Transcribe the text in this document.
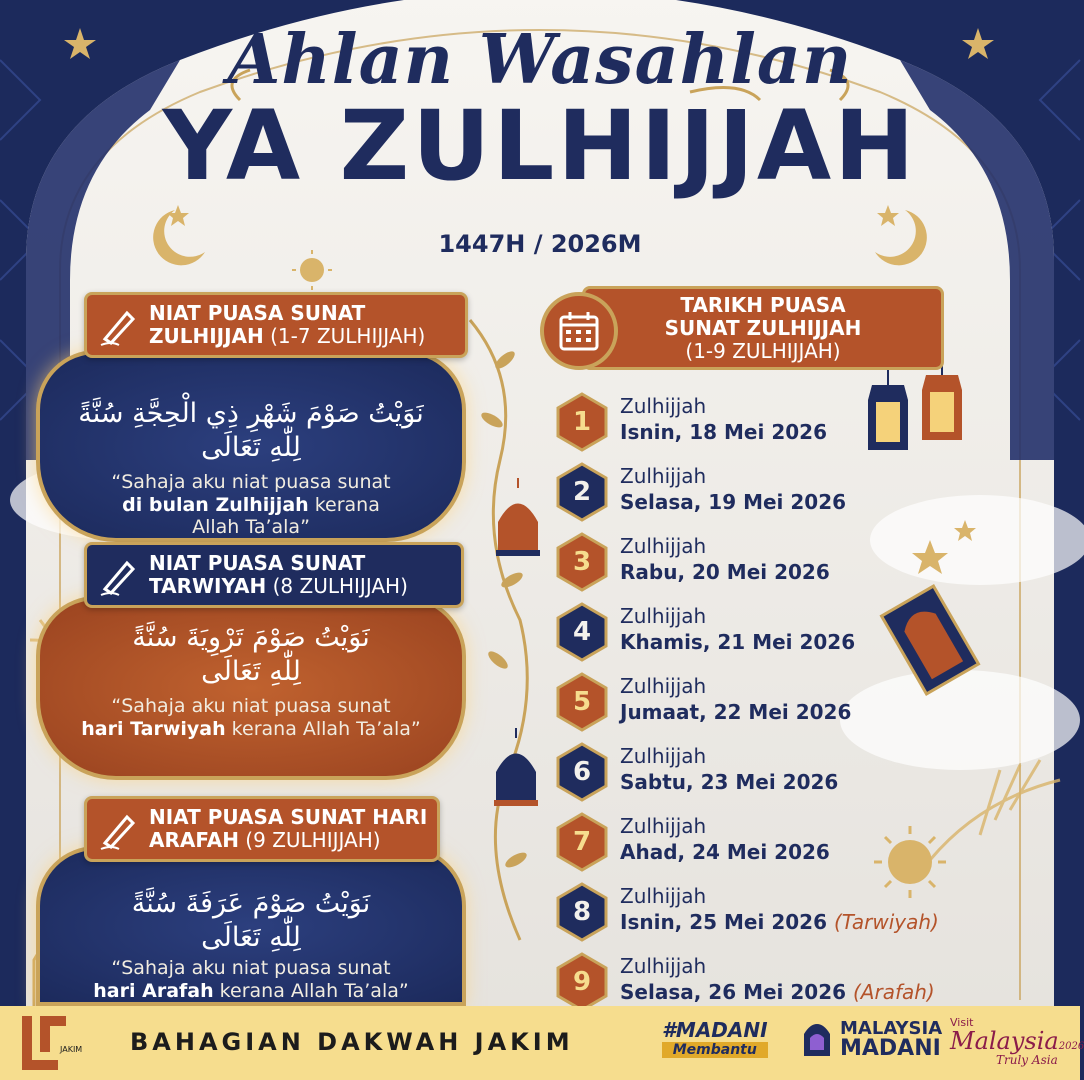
Ahlan Wasahlan
YA ZULHIJJAH
1447H / 2026M
نَوَيْتُ صَوْمَ شَهْرِ ذِي الْحِجَّةِ سُنَّةً
لِلّٰهِ تَعَالَى
“Sahaja aku niat puasa sunat
di bulan Zulhijjah kerana
Allah Ta’ala”
NIAT PUASA SUNAT
ZULHIJJAH (1-7 ZULHIJJAH)
نَوَيْتُ صَوْمَ تَرْوِيَةَ سُنَّةً
لِلّٰهِ تَعَالَى
“Sahaja aku niat puasa sunat
hari Tarwiyah kerana Allah Ta’ala”
NIAT PUASA SUNAT
TARWIYAH (8 ZULHIJJAH)
نَوَيْتُ صَوْمَ عَرَفَةَ سُنَّةً
لِلّٰهِ تَعَالَى
“Sahaja aku niat puasa sunat
hari Arafah kerana Allah Ta’ala”
NIAT PUASA SUNAT HARI
ARAFAH (9 ZULHIJJAH)
TARIKH PUASA
SUNAT ZULHIJJAH
(1-9 ZULHIJJAH)
1
Zulhijjah
Isnin, 18 Mei 2026
2
Zulhijjah
Selasa, 19 Mei 2026
3
Zulhijjah
Rabu, 20 Mei 2026
4
Zulhijjah
Khamis, 21 Mei 2026
5
Zulhijjah
Jumaat, 22 Mei 2026
6
Zulhijjah
Sabtu, 23 Mei 2026
7
Zulhijjah
Ahad, 24 Mei 2026
8
Zulhijjah
Isnin, 25 Mei 2026 (Tarwiyah)
9
Zulhijjah
Selasa, 26 Mei 2026 (Arafah)
JAKIM BAHAGIAN DAKWAH JAKIM	#MADANI
Membantu
MALAYSIA
MADANI
Visit
Malaysia2026
Truly Asia
